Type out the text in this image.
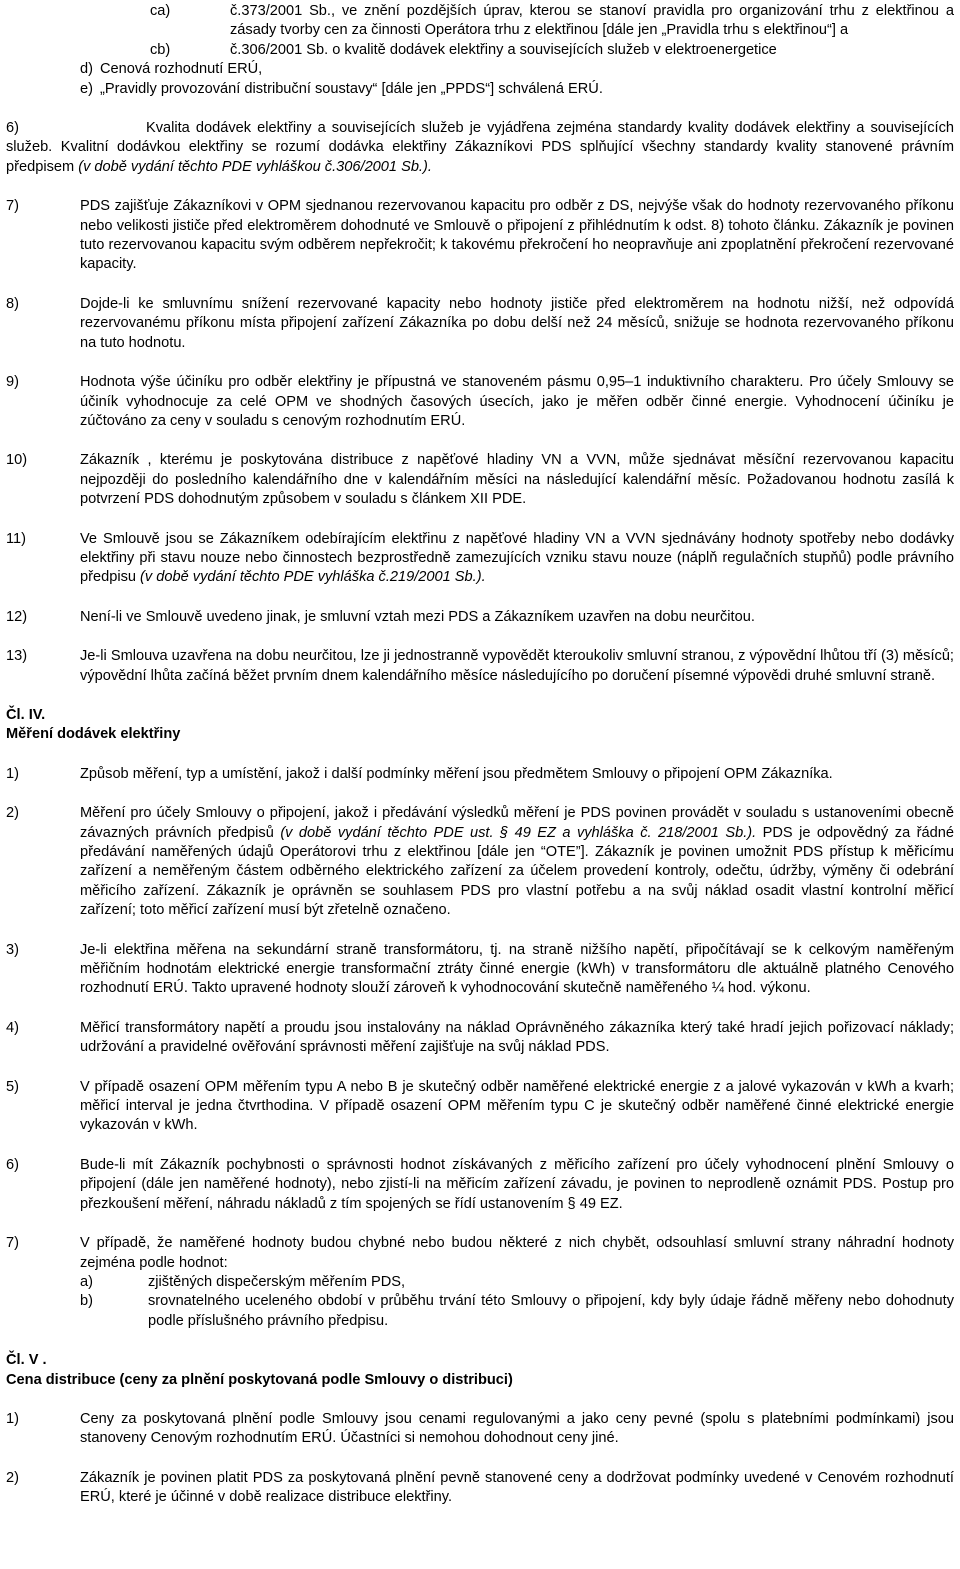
ca)	č.373/2001 Sb., ve znění pozdějších úprav, kterou se stanoví pravidla pro organizování trhu z elektřinou a zásady tvorby cen za činnosti Operátora trhu z elektřinou [dále jen „Pravidla trhu s elektřinou“] a
cb)	č.306/2001 Sb. o kvalitě dodávek elektřiny a souvisejících služeb v elektroenergetice
d) Cenová rozhodnutí ERÚ,
e) „Pravidly provozování distribuční soustavy“ [dále jen „PPDS“] schválená ERÚ.
6)	Kvalita dodávek elektřiny a souvisejících služeb je vyjádřena zejména standardy kvality dodávek elektřiny a souvisejících služeb. Kvalitní dodávkou elektřiny se rozumí dodávka elektřiny Zákazníkovi PDS splňující všechny standardy kvality stanovené právním předpisem (v době vydání těchto PDE vyhláškou č.306/2001 Sb.).
7)	PDS zajišťuje Zákazníkovi v OPM sjednanou rezervovanou kapacitu pro odběr z DS, nejvýše však do hodnoty rezervovaného příkonu nebo velikosti jističe před elektroměrem dohodnuté ve Smlouvě o připojení z přihlédnutím k odst. 8) tohoto článku. Zákazník je povinen tuto rezervovanou kapacitu svým odběrem nepřekročit; k takovému překročení ho neopravňuje ani zpoplatnění překročení rezervované kapacity.
8)	Dojde-li ke smluvnímu snížení rezervované kapacity nebo hodnoty jističe před elektroměrem na hodnotu nižší, než odpovídá rezervovanému příkonu místa připojení zařízení Zákazníka po dobu delší než 24 měsíců, snižuje se hodnota rezervovaného příkonu na tuto hodnotu.
9)	Hodnota výše účiníku pro odběr elektřiny je přípustná ve stanoveném pásmu 0,95–1 induktivního charakteru. Pro účely Smlouvy se účiník vyhodnocuje za celé OPM ve shodných časových úsecích, jako je měřen odběr činné energie. Vyhodnocení účiníku je zúčtováno za ceny v souladu s cenovým rozhodnutím ERÚ.
10)	Zákazník , kterému je poskytována distribuce z napěťové hladiny VN a VVN, může sjednávat měsíční rezervovanou kapacitu nejpozději do posledního kalendářního dne v kalendářním měsíci na následující kalendářní měsíc. Požadovanou hodnotu zasílá k potvrzení PDS dohodnutým způsobem v souladu s článkem XII PDE.
11)	Ve Smlouvě jsou se Zákazníkem odebírajícím elektřinu z napěťové hladiny VN a VVN sjednávány hodnoty spotřeby nebo dodávky elektřiny při stavu nouze nebo činnostech bezprostředně zamezujících vzniku stavu nouze (náplň regulačních stupňů) podle právního předpisu (v době vydání těchto PDE vyhláška č.219/2001 Sb.).
12)	Není-li ve Smlouvě uvedeno jinak, je smluvní vztah mezi PDS a Zákazníkem uzavřen na dobu neurčitou.
13)	Je-li Smlouva uzavřena na dobu neurčitou, lze ji jednostranně vypovědět kteroukoliv smluvní stranou, z výpovědní lhůtou tří (3) měsíců; výpovědní lhůta začíná běžet prvním dnem kalendářního měsíce následujícího po doručení písemné výpovědi druhé smluvní straně.
Čl. IV.
Měření dodávek elektřiny
1)	Způsob měření, typ a umístění, jakož i další podmínky měření jsou předmětem Smlouvy o připojení OPM Zákazníka.
2)	Měření pro účely Smlouvy o připojení, jakož i předávání výsledků měření je PDS povinen provádět v souladu s ustanoveními obecně závazných právních předpisů (v době vydání těchto PDE ust. § 49 EZ a vyhláška č. 218/2001 Sb.). PDS je odpovědný za řádné předávání naměřených údajů Operátorovi trhu z elektřinou [dále jen “OTE”]. Zákazník je povinen umožnit PDS přístup k měřicímu zařízení a neměřeným částem odběrného elektrického zařízení za účelem provedení kontroly, odečtu, údržby, výměny či odebrání měřicího zařízení. Zákazník je oprávněn se souhlasem PDS pro vlastní potřebu a na svůj náklad osadit vlastní kontrolní měřicí zařízení; toto měřicí zařízení musí být zřetelně označeno.
3)	Je-li elektřina měřena na sekundární straně transformátoru, tj. na straně nižšího napětí, připočítávají se k celkovým naměřeným měřičním hodnotám elektrické energie transformační ztráty činné energie (kWh) v transformátoru dle aktuálně platného Cenového rozhodnutí ERÚ. Takto upravené hodnoty slouží zároveň k vyhodnocování skutečně naměřeného ¼ hod. výkonu.
4)	Měřicí transformátory napětí a proudu jsou instalovány na náklad Oprávněného zákazníka který také hradí jejich pořizovací náklady; udržování a pravidelné ověřování správnosti měření zajišťuje na svůj náklad PDS.
5)	V případě osazení OPM měřením typu A nebo B je skutečný odběr naměřené elektrické energie z a jalové vykazován v kWh a kvarh; měřicí interval je jedna čtvrthodina. V případě osazení OPM měřením typu C je skutečný odběr naměřené činné elektrické energie vykazován v kWh.
6)	Bude-li mít Zákazník pochybnosti o správnosti hodnot získávaných z měřicího zařízení pro účely vyhodnocení plnění Smlouvy o připojení (dále jen naměřené hodnoty), nebo zjistí-li na měřicím zařízení závadu, je povinen to neprodleně oznámit PDS. Postup pro přezkoušení měření, náhradu nákladů z tím spojených se řídí ustanovením § 49 EZ.
7)	V případě, že naměřené hodnoty budou chybné nebo budou některé z nich chybět, odsouhlasí smluvní strany náhradní hodnoty zejména podle hodnot:
a)	zjištěných dispečerským měřením PDS,
b)	srovnatelného uceleného období v průběhu trvání této Smlouvy o připojení, kdy byly údaje řádně měřeny nebo dohodnuty podle příslušného právního předpisu.
Čl. V .
Cena distribuce (ceny za plnění poskytovaná podle Smlouvy o distribuci)
1)	Ceny za poskytovaná plnění podle Smlouvy jsou cenami regulovanými a jako ceny pevné (spolu s platebními podmínkami) jsou stanoveny Cenovým rozhodnutím ERÚ. Účastníci si nemohou dohodnout ceny jiné.
2)	Zákazník je povinen platit PDS za poskytovaná plnění pevně stanovené ceny a dodržovat podmínky uvedené v Cenovém rozhodnutí ERÚ, které je účinné v době realizace distribuce elektřiny.
